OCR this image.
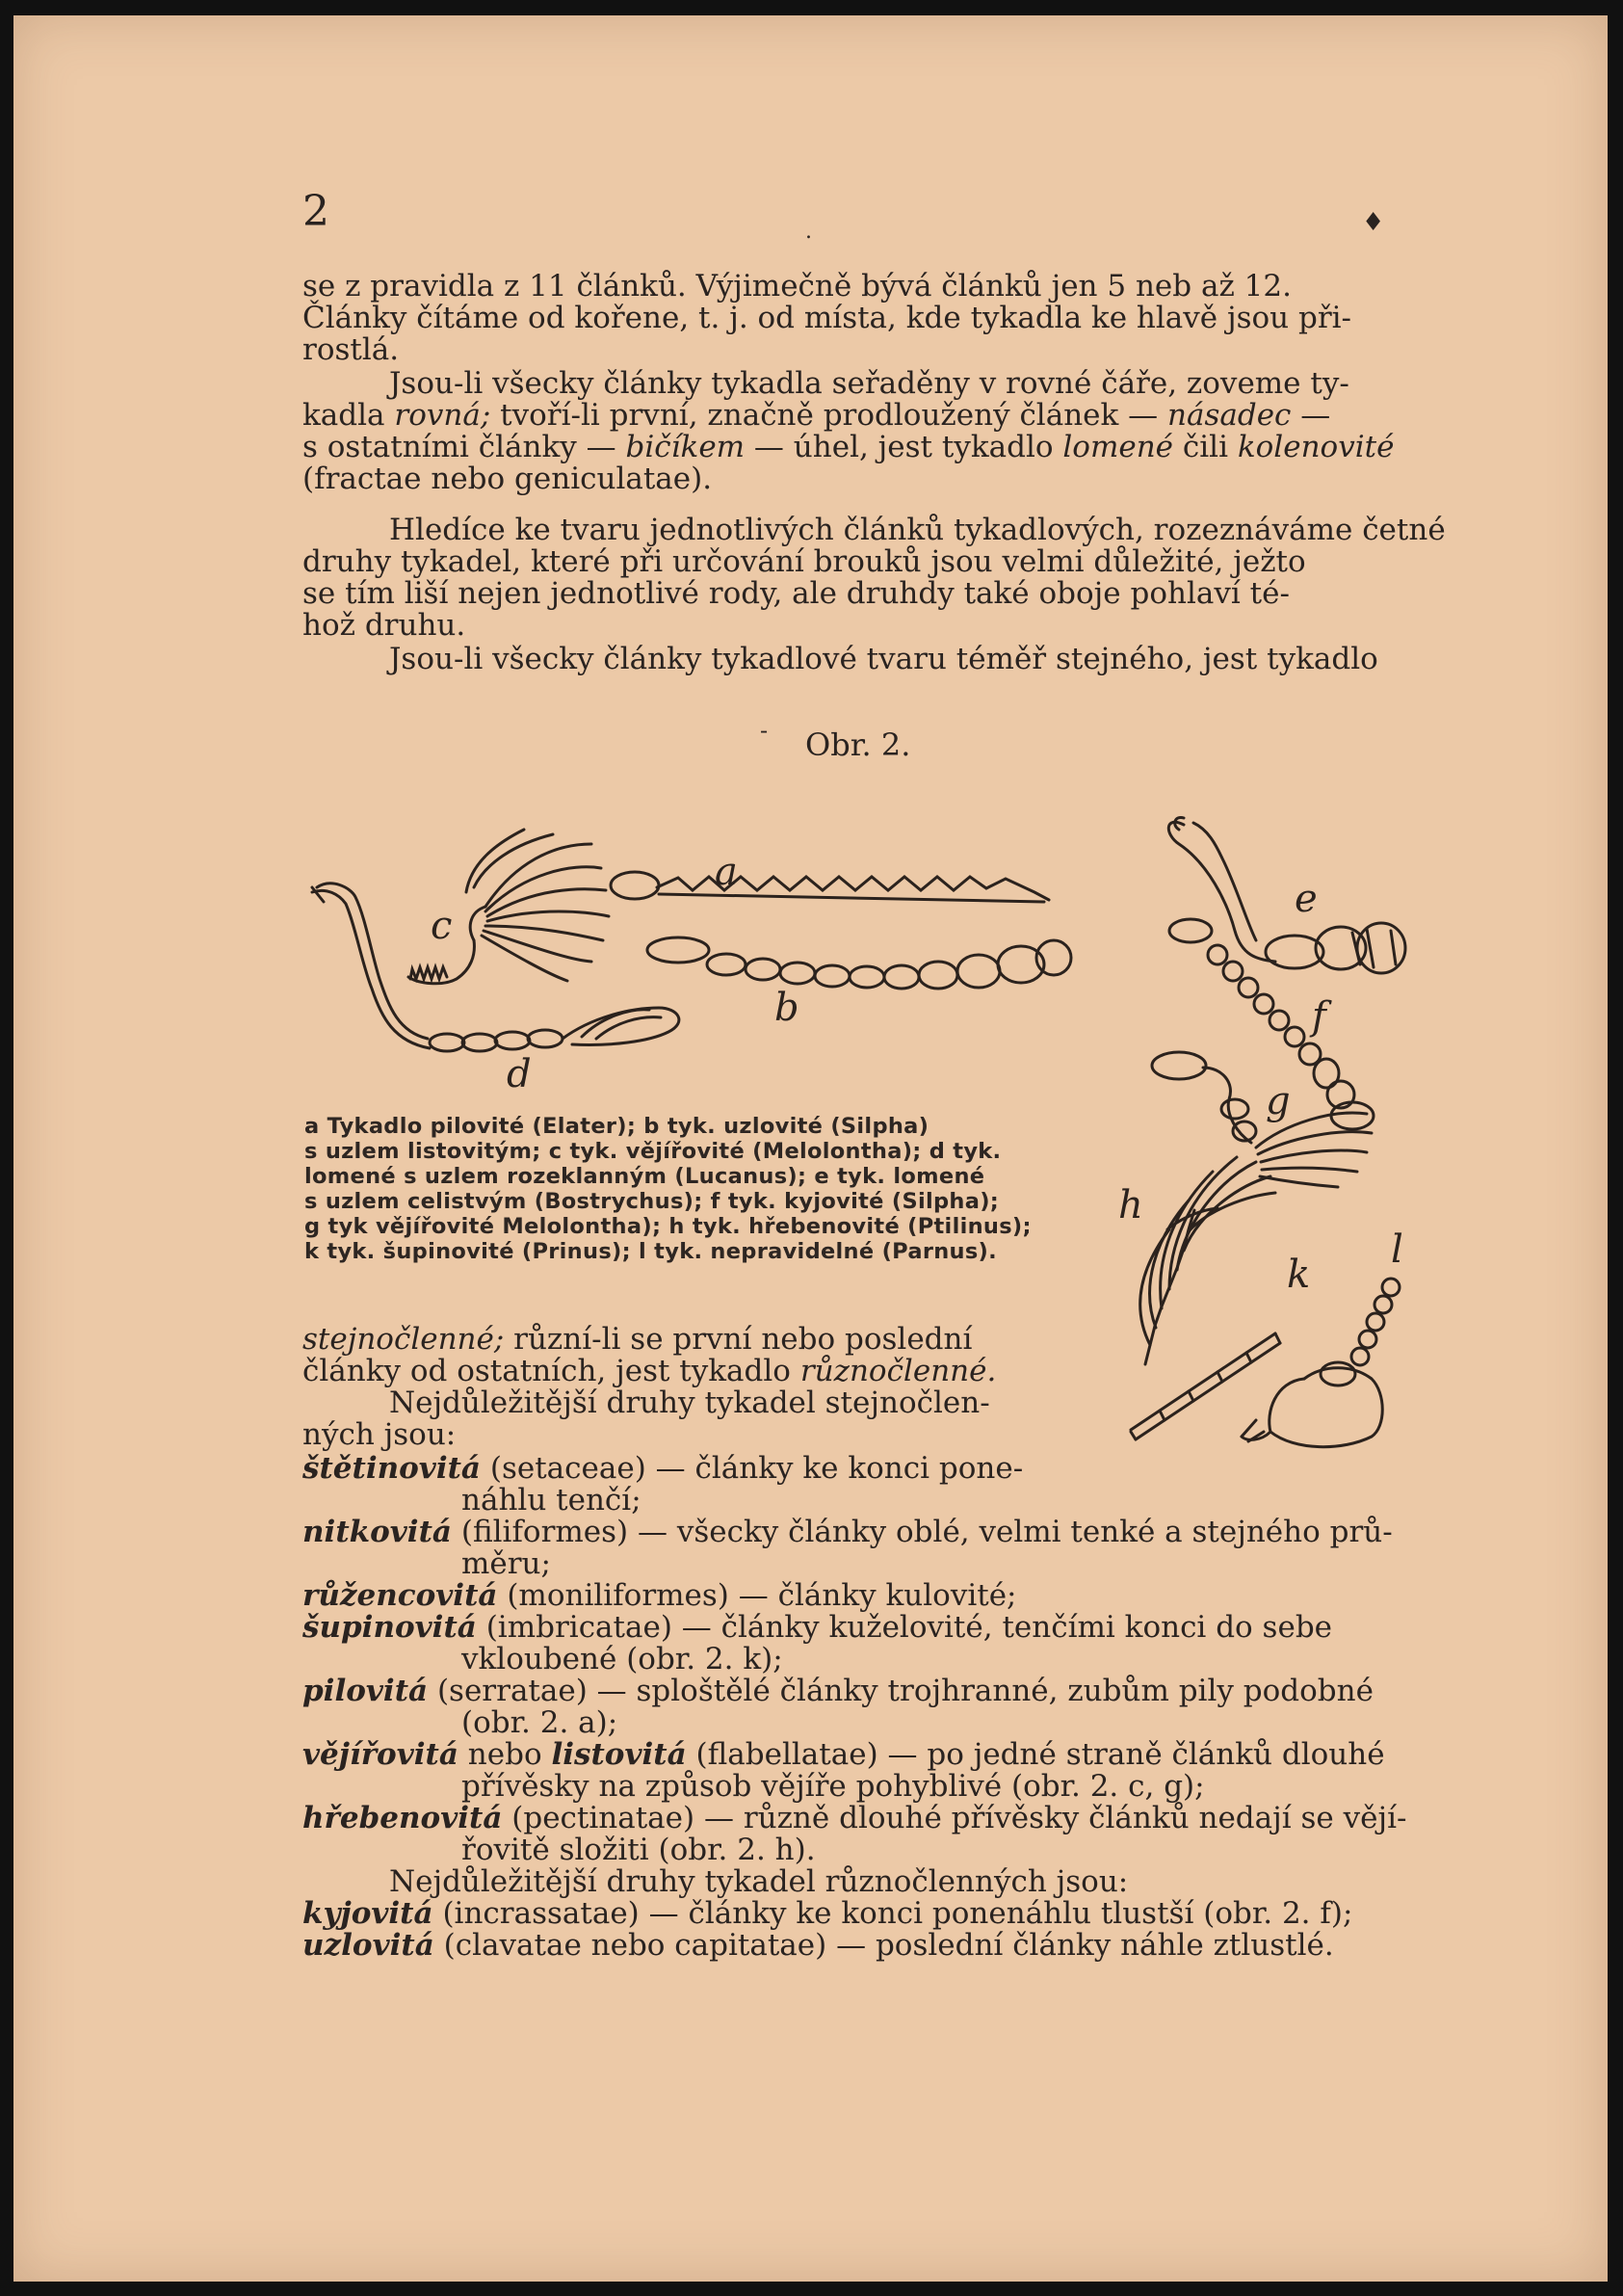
2	.	♦
se z pravidla z 11 článků. Výjimečně bývá článků jen 5 neb až 12.
Články čítáme od kořene, t. j. od místa, kde tykadla ke hlavě jsou při-
rostlá.
Jsou-li všecky články tykadla seřaděny v rovné čáře, zoveme ty-
kadla rovná; tvoří-li první, značně prodloužený článek — násadec —
s ostatními články — bičíkem — úhel, jest tykadlo lomené čili kolenovité
(fractae nebo geniculatae).
Hledíce ke tvaru jednotlivých článků tykadlových, rozeznáváme četné
druhy tykadel, které při určování brouků jsou velmi důležité, ježto
se tím liší nejen jednotlivé rody, ale druhdy také oboje pohlaví té-
hož druhu.
Jsou-li všecky články tykadlové tvaru téměř stejného, jest tykadlo
- Obr. 2.
a
b
c
d
e
f
g
h
k
l
a Tykadlo pilovité (Elater); b tyk. uzlovité (Silpha)
s uzlem listovitým; c tyk. vějířovité (Melolontha); d tyk.
lomené s uzlem rozeklanným (Lucanus); e tyk. lomené
s uzlem celistvým (Bostrychus); f tyk. kyjovité (Silpha);
g tyk vějířovité Melolontha); h tyk. hřebenovité (Ptilinus);
k tyk. šupinovité (Prinus); l tyk. nepravidelné (Parnus).
stejnočlenné; různí-li se první nebo poslední
články od ostatních, jest tykadlo různočlenné.
Nejdůležitější druhy tykadel stejnočlen-
ných jsou:
štětinovitá (setaceae) — články ke konci pone-
náhlu tenčí;
nitkovitá (filiformes) — všecky články oblé, velmi tenké a stejného prů-
měru;
růžencovitá (moniliformes) — články kulovité;
šupinovitá (imbricatae) — články kuželovité, tenčími konci do sebe
vkloubené (obr. 2. k);
pilovitá (serratae) — sploštělé články trojhranné, zubům pily podobné
(obr. 2. a);
vějířovitá nebo listovitá (flabellatae) — po jedné straně článků dlouhé
přívěsky na způsob vějíře pohyblivé (obr. 2. c, g);
hřebenovitá (pectinatae) — různě dlouhé přívěsky článků nedají se vějí-
řovitě složiti (obr. 2. h).
Nejdůležitější druhy tykadel různočlenných jsou:
kyjovitá (incrassatae) — články ke konci ponenáhlu tlustší (obr. 2. f);
uzlovitá (clavatae nebo capitatae) — poslední články náhle ztlustlé.
